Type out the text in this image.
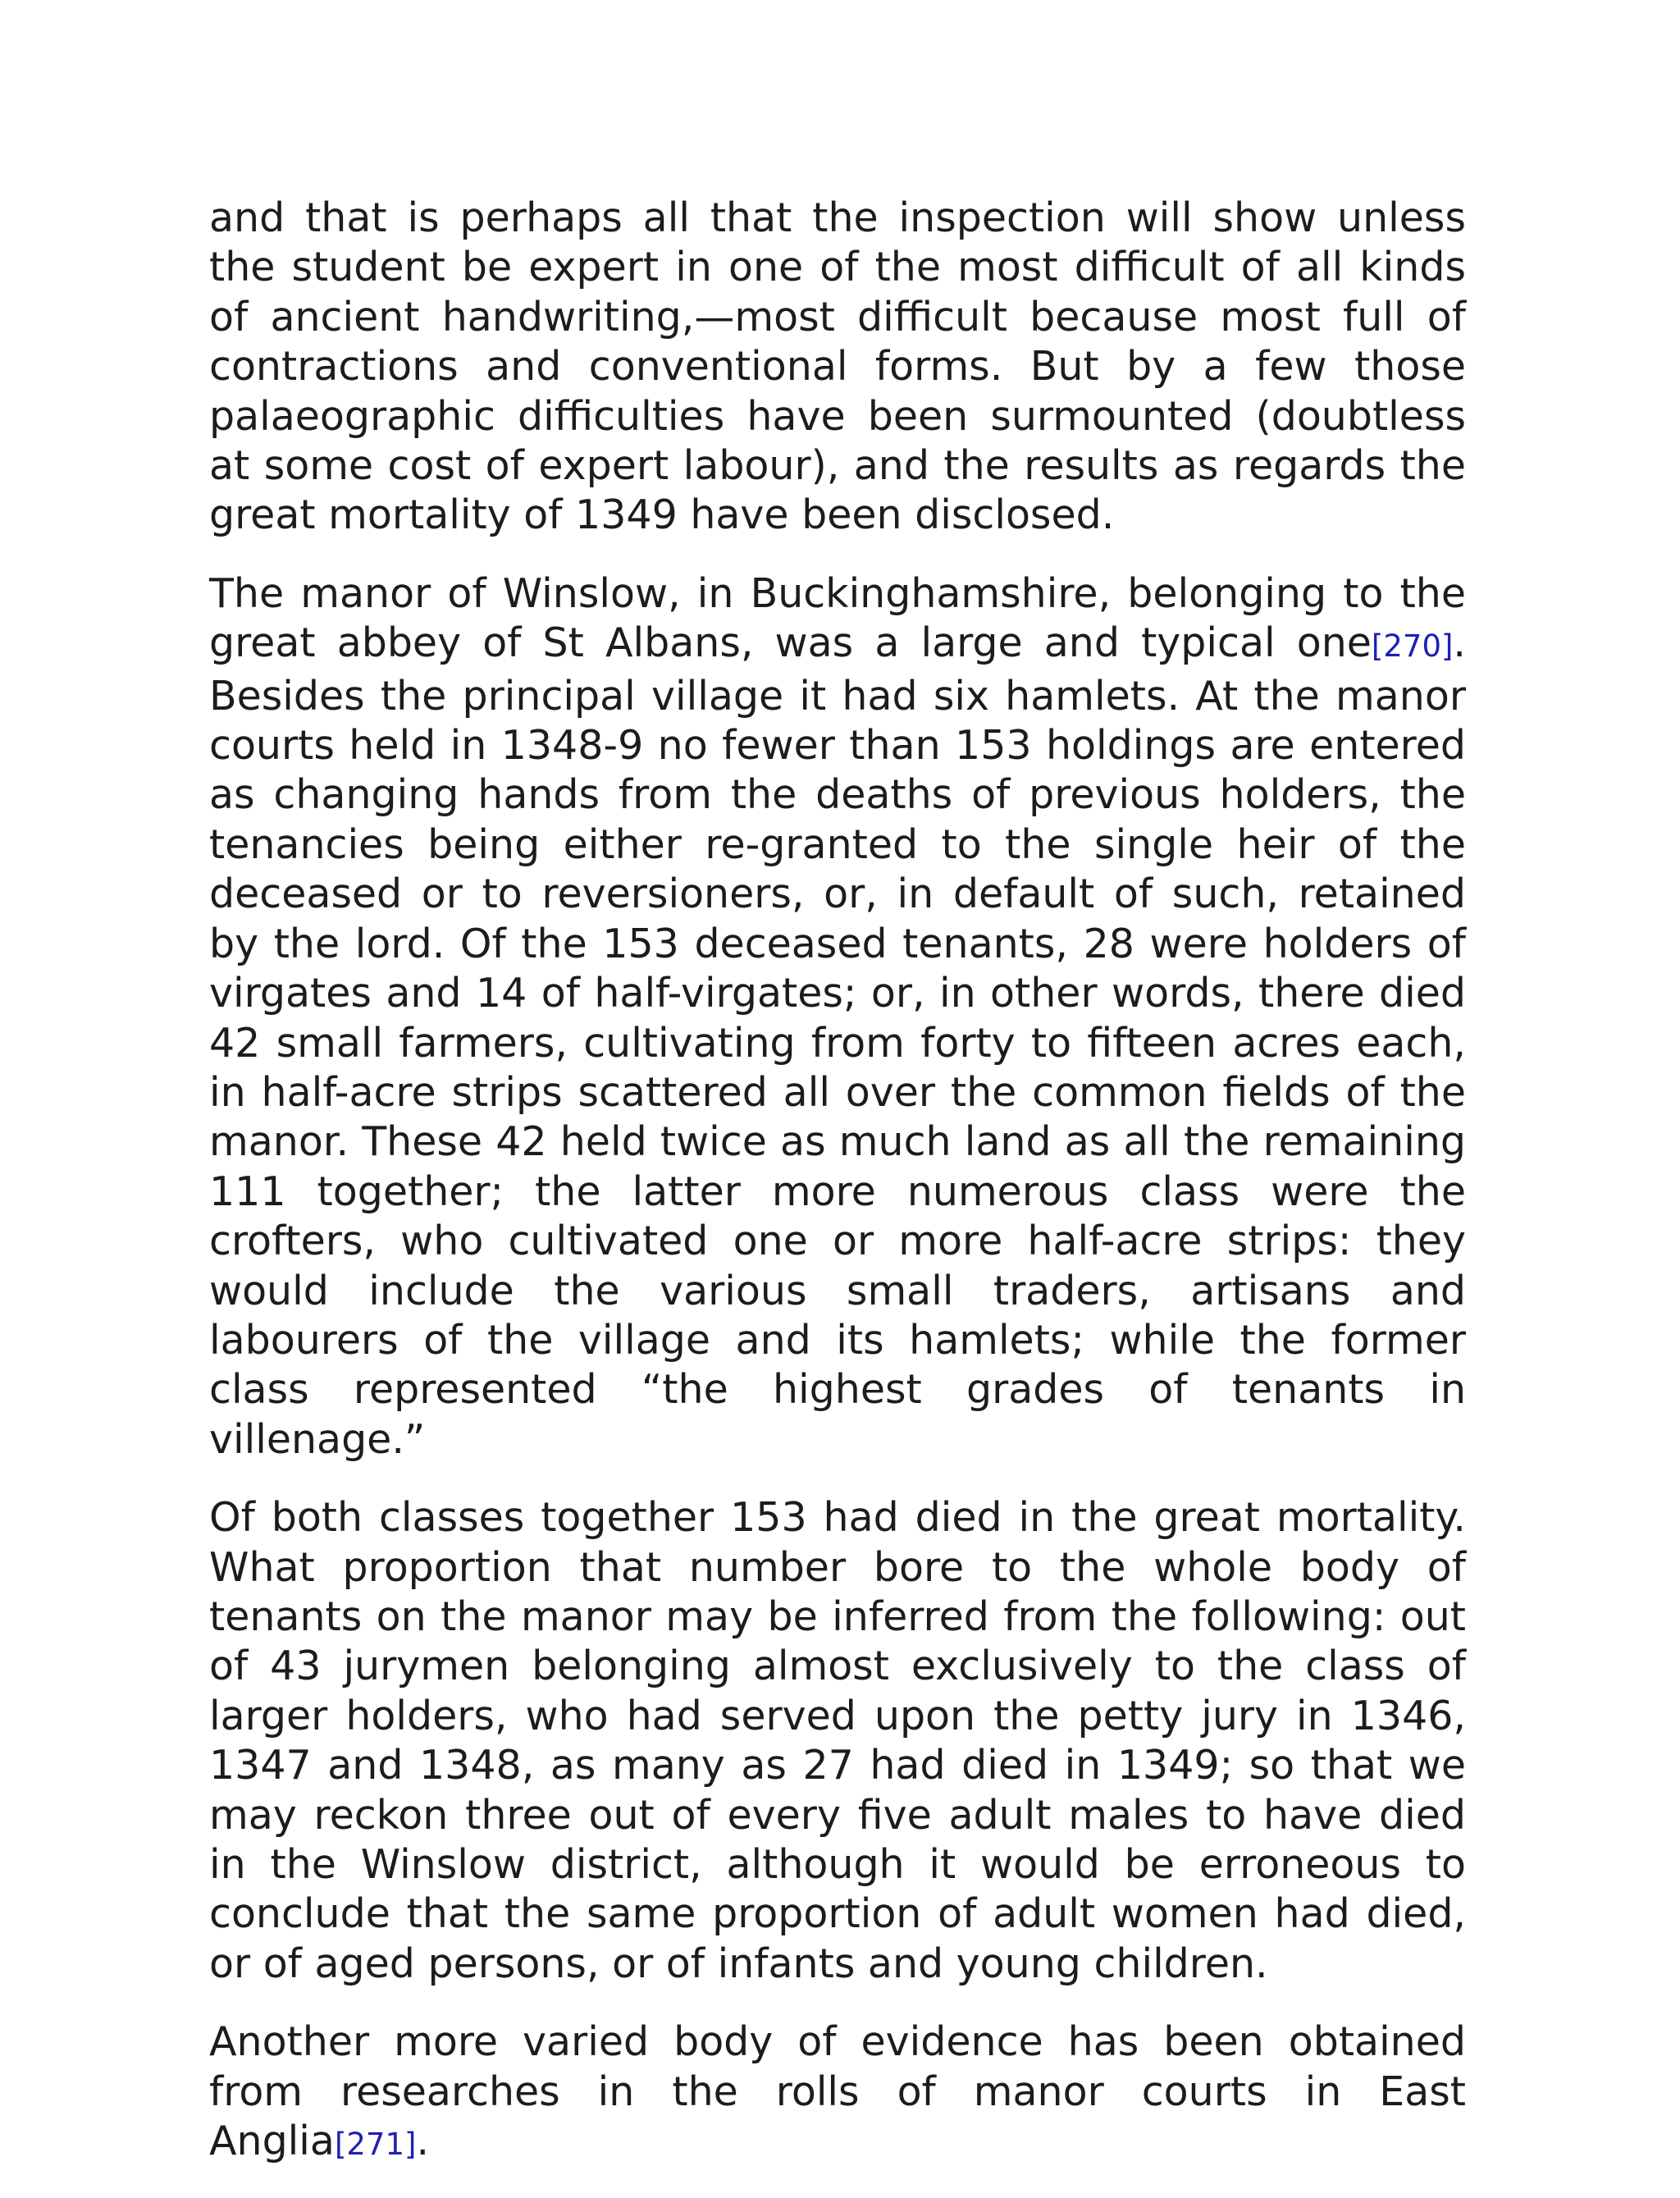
and that is perhaps all that the inspection will show unless the student be expert in one of the most difficult of all kinds of ancient handwriting,—most difficult because most full of contractions and conventional forms. But by a few those palaeographic difficulties have been surmounted (doubtless at some cost of expert labour), and the results as regards the great mortality of 1349 have been disclosed.

The manor of Winslow, in Buckinghamshire, belonging to the great abbey of St Albans, was a large and typical one[270]. Besides the principal village it had six hamlets. At the manor courts held in 1348-9 no fewer than 153 holdings are entered as changing hands from the deaths of previous holders, the tenancies being either re-granted to the single heir of the deceased or to reversioners, or, in default of such, retained by the lord. Of the 153 deceased tenants, 28 were holders of virgates and 14 of half-virgates; or, in other words, there died 42 small farmers, cultivating from forty to fifteen acres each, in half-acre strips scattered all over the common fields of the manor. These 42 held twice as much land as all the remaining 111 together; the latter more numerous class were the crofters, who cultivated one or more half-acre strips: they would include the various small traders, artisans and labourers of the village and its hamlets; while the former class represented “the highest grades of tenants in villenage.”

Of both classes together 153 had died in the great mortality. What proportion that number bore to the whole body of tenants on the manor may be inferred from the following: out of 43 jurymen belonging almost exclusively to the class of larger holders, who had served upon the petty jury in 1346, 1347 and 1348, as many as 27 had died in 1349; so that we may reckon three out of every five adult males to have died in the Winslow district, although it would be erroneous to conclude that the same proportion of adult women had died, or of aged persons, or of infants and young children.

Another more varied body of evidence has been obtained from researches in the rolls of manor courts in East Anglia[271].
